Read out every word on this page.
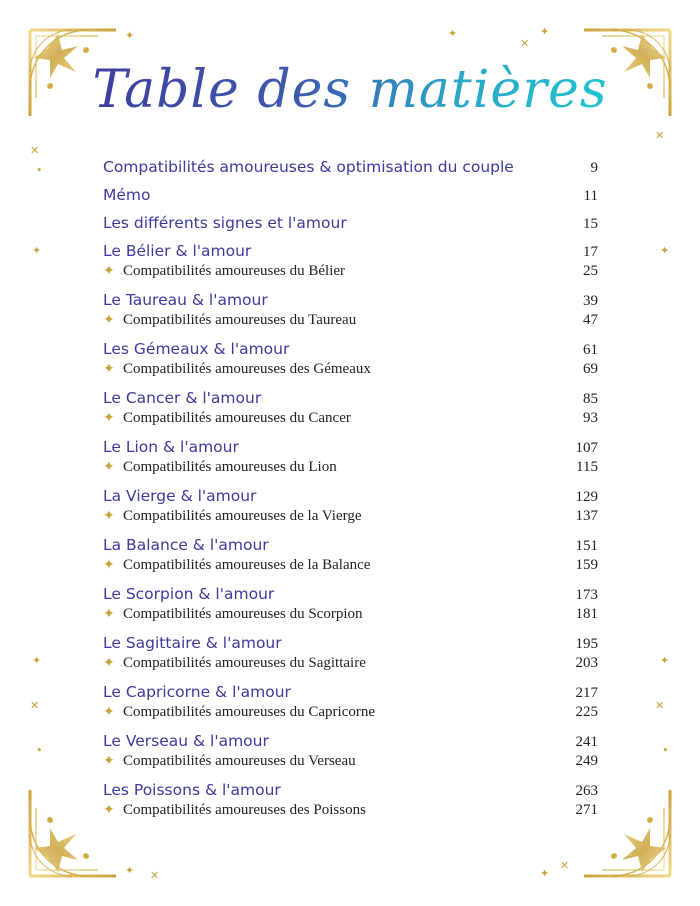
✦	✦
✕
✦
✕
•
✦
✕
✦
✦
✕
•
✦
✕
•
✦ ✕	✦
✕
Table des matières
Compatibilités amoureuses & optimisation du couple	9
Mémo	11
Les différents signes et l'amour	15
Le Bélier & l'amour	17
✦ Compatibilités amoureuses du Bélier	25
Le Taureau & l'amour	39
✦ Compatibilités amoureuses du Taureau	47
Les Gémeaux & l'amour	61
✦ Compatibilités amoureuses des Gémeaux	69
Le Cancer & l'amour	85
✦ Compatibilités amoureuses du Cancer	93
Le Lion & l'amour	107
✦ Compatibilités amoureuses du Lion	115
La Vierge & l'amour	129
✦ Compatibilités amoureuses de la Vierge	137
La Balance & l'amour	151
✦ Compatibilités amoureuses de la Balance	159
Le Scorpion & l'amour	173
✦ Compatibilités amoureuses du Scorpion	181
Le Sagittaire & l'amour	195
✦ Compatibilités amoureuses du Sagittaire	203
Le Capricorne & l'amour	217
✦ Compatibilités amoureuses du Capricorne	225
Le Verseau & l'amour	241
✦ Compatibilités amoureuses du Verseau	249
Les Poissons & l'amour	263
✦ Compatibilités amoureuses des Poissons	271
